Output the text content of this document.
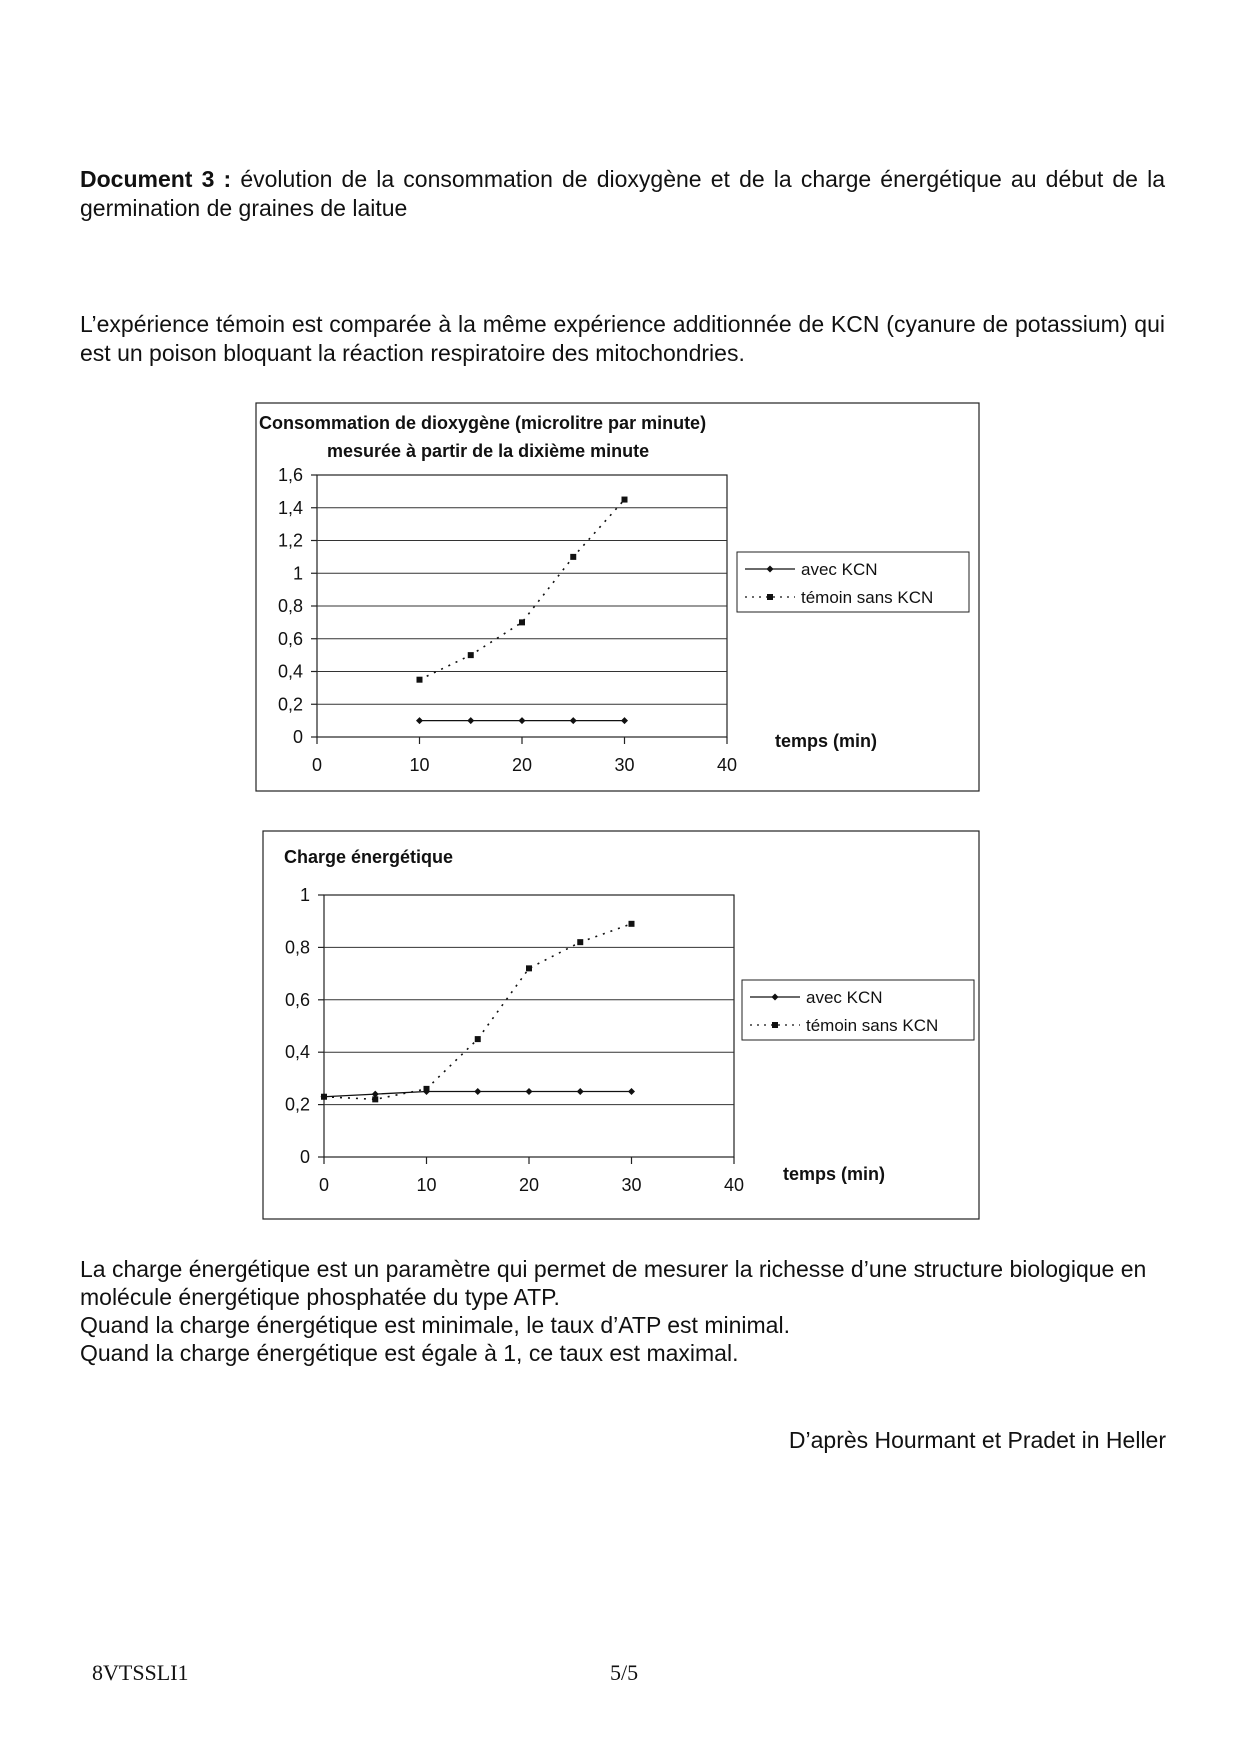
Document 3 : évolution de la consommation de dioxygène et de la charge énergétique au début de la germination de graines de laitue
L’expérience témoin est comparée à la même expérience additionnée de KCN (cyanure de potassium) qui est un poison bloquant la réaction respiratoire des mitochondries.
Consommation de dioxygène (microlitre par minute)
mesurée à partir de la dixième minute
0
0,2
0,4
0,6
0,8
1
1,2
1,4
1,6
0	10	20	30	40
temps (min)
avec KCN
témoin sans KCN
Charge énergétique
0
0,2
0,4
0,6
0,8
1
0	10	20	30	40
temps (min)
avec KCN
témoin sans KCN
La charge énergétique est un paramètre qui permet de mesurer la richesse d’une structure biologique en molécule énergétique phosphatée du type ATP.
Quand la charge énergétique est minimale, le taux d’ATP est minimal.
Quand la charge énergétique est égale à 1, ce taux est maximal.
D’après Hourmant et Pradet in Heller
8VTSSLI1	5/5
